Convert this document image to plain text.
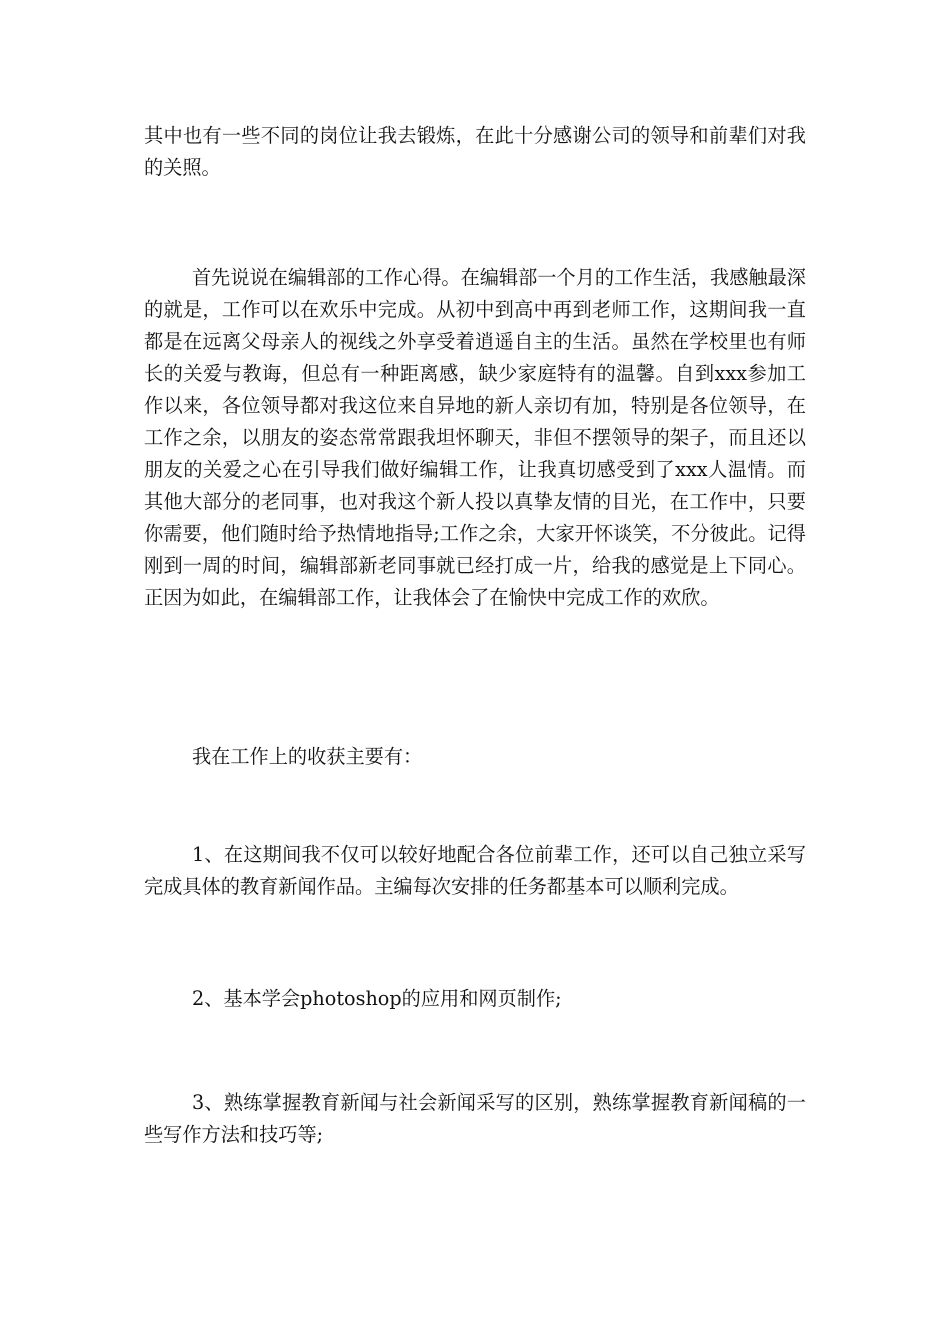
其中也有一些不同的岗位让我去锻炼，在此十分感谢公司的领导和前辈们对我的关照。

首先说说在编辑部的工作心得。在编辑部一个月的工作生活，我感触最深的就是，工作可以在欢乐中完成。从初中到高中再到老师工作，这期间我一直都是在远离父母亲人的视线之外享受着逍遥自主的生活。虽然在学校里也有师长的关爱与教诲，但总有一种距离感，缺少家庭特有的温馨。自到xxx参加工作以来，各位领导都对我这位来自异地的新人亲切有加，特别是各位领导，在工作之余，以朋友的姿态常常跟我坦怀聊天，非但不摆领导的架子，而且还以朋友的关爱之心在引导我们做好编辑工作，让我真切感受到了xxx人温情。而其他大部分的老同事，也对我这个新人投以真挚友情的目光，在工作中，只要你需要，他们随时给予热情地指导;工作之余，大家开怀谈笑，不分彼此。记得刚到一周的时间，编辑部新老同事就已经打成一片，给我的感觉是上下同心。正因为如此，在编辑部工作，让我体会了在愉快中完成工作的欢欣。

我在工作上的收获主要有：

1、在这期间我不仅可以较好地配合各位前辈工作，还可以自己独立采写完成具体的教育新闻作品。主编每次安排的任务都基本可以顺利完成。

2、基本学会photoshop的应用和网页制作;

3、熟练掌握教育新闻与社会新闻采写的区别，熟练掌握教育新闻稿的一些写作方法和技巧等;
